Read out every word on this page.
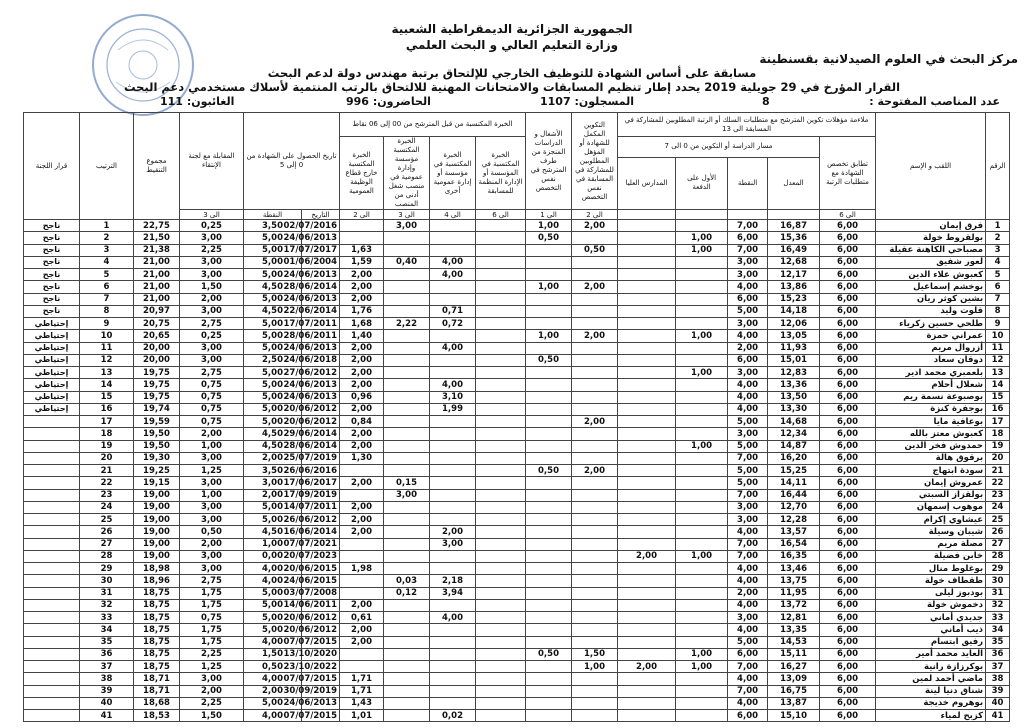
الجمهورية الجزائرية الديمقراطية الشعبية
وزارة التعليم العالي و البحث العلمي
مركز البحث في العلوم الصيدلانية بقسنطينة
مسابقة على أساس الشهادة للتوظيف الخارجي للإلتحاق برتبة مهندس دولة لدعم البحث
القرار المؤرخ في 29 جويلية 2019 يحدد إطار تنظيم المسابقات والامتحانات المهنية للالتحاق بالرتب المنتمية لأسلاك مستخدمي دعم البحث
عدد المناصب المفتوحة :
8
المسجلون: 1107
الحاضرون: 996
الغائبون: 111
الرقم	اللقب و الإسم	ملاءمة مؤهلات تكوين المترشح مع متطلبات السلك أو الرتبة المطلوبين للمشاركة في المسابقة الى 13					التكوين المكمل للشهادة أو المؤهل المطلوبين للمشاركة في المسابقة في نفس التخصص	الأشغال و الدراسات المنجزة من طرف المترشح في نفس التخصص	الخبرة المكتسبة من قبل المترشح من 00 إلى 06 نقاط				تاريخ الحصول على الشهادة من 0 إلى 5		المقابلة مع لجنة الإنتقاء	مجموع التنقيط	الترتيب	قرار اللجنة
		تطابق تخصص الشهادة مع متطلبات الرتبة	مسار الدراسة أو التكوين من 0 الى 7						الخبرة المكتسبة في المؤسسة أو الإدارة المنظمة للمسابقة	الخبرة المكتسبة في مؤسسة أو إدارة عمومية أخرى	الخبرة المكتسبة مؤسسة وإدارة عمومية في منصب شغل أدنى من المنصب	الخبرة المكتسبة خارج قطاع الوظيفة العمومية						
			المعدل	النقطة	الأول على الدفعة	المدارس العليا												
		الى 6					الى 2	الى 1	الى 6	الى 4	الى 3	الى 2	التاريخ	النقطة	الى 3			
1	فرق إيمان	6,00	16,87	7,00			2,00	1,00			3,00		02/07/2016	3,50	0,25	22,75	1	ناجح
2	بولقروط خولة	6,00	15,36	6,00	1,00			0,50					24/06/2013	5,00	3,00	21,50	2	ناجح
3	مصباحي الكاهنة عقيلة	6,00	16,49	7,00	1,00		0,50					1,63	17/07/2017	5,00	2,25	21,38	3	ناجح
4	لعور شفيق	6,00	12,68	3,00						4,00	0,40	1,59	01/06/2004	5,00	3,00	21,00	4	ناجح
5	كعبوش علاء الدين	6,00	12,17	3,00						4,00		2,00	24/06/2013	5,00	3,00	21,00	5	ناجح
6	بوخشم إسماعيل	6,00	13,86	4,00			2,00	1,00				2,00	28/06/2014	4,50	1,50	21,00	6	ناجح
7	بشين كوثر ريان	6,00	15,23	6,00								2,00	24/06/2013	5,00	2,00	21,00	7	ناجح
8	قلوت وليد	6,00	14,18	5,00						0,71		1,76	22/06/2014	4,50	3,00	20,97	8	ناجح
9	طلحي حسين زكرياء	6,00	12,06	3,00						0,72	2,22	1,68	17/07/2011	5,00	2,75	20,75	9	إحتياطي
10	عمراني حمزة	6,00	13,05	4,00	1,00		2,00	1,00				1,40	28/06/2011	5,00	0,25	20,65	10	إحتياطي
11	أزروال مريم	6,00	11,93	2,00						4,00		2,00	24/06/2013	5,00	3,00	20,00	11	إحتياطي
12	دوقان سعاد	6,00	15,01	6,00				0,50				2,00	24/06/2018	2,50	3,00	20,00	12	إحتياطي
13	بلعمبري محمد ادير	6,00	12,83	3,00	1,00							2,00	27/06/2012	5,00	2,75	19,75	13	إحتياطي
14	شعلال أحلام	6,00	13,36	4,00						4,00		2,00	24/06/2013	5,00	0,75	19,75	14	إحتياطي
15	بوصبوعة نسمة ريم	6,00	13,50	4,00						3,10		0,96	24/06/2013	5,00	0,75	19,75	15	إحتياطي
16	بوجفرة كنزة	6,00	13,30	4,00						1,99		2,00	20/06/2012	5,00	0,75	19,74	16	إحتياطي
17	بوعافية مايا	6,00	14,68	5,00			2,00					0,84	20/06/2012	5,00	0,75	19,59	17	
18	كعبوش معتز بالله	6,00	12,34	3,00								2,00	29/06/2014	4,50	2,00	19,50	18	
19	حمدوش فخر الدين	6,00	14,87	5,00	1,00							2,00	28/06/2014	4,50	1,00	19,50	19	
20	برقوق هالة	6,00	16,20	7,00								1,30	25/07/2019	2,00	3,00	19,30	20	
21	سودة ابتهاج	6,00	15,25	5,00			2,00	0,50					26/06/2016	3,50	1,25	19,25	21	
22	عمروش إيمان	6,00	14,11	5,00							0,15	2,00	17/06/2017	3,00	3,00	19,15	22	
23	بولقزاز السبتي	6,00	16,44	7,00							3,00		17/09/2019	2,00	1,00	19,00	23	
24	موهوب إسمهان	6,00	12,70	3,00								2,00	14/07/2011	5,00	3,00	19,00	24	
25	عيشاوي إكرام	6,00	12,28	3,00								2,00	26/06/2012	5,00	3,00	19,00	25	
26	شيبان وسيلة	6,00	13,57	4,00						2,00		2,00	16/06/2014	4,50	0,50	19,00	26	
27	مصلة مريم	6,00	16,54	7,00						3,00			07/07/2021	1,00	2,00	19,00	27	
28	خابن فضيلة	6,00	16,35	7,00	1,00	2,00							20/07/2023	0,00	3,00	19,00	28	
29	بوغلوط منال	6,00	13,46	4,00								1,98	20/06/2015	4,00	3,00	18,98	29	
30	طقطاف خولة	6,00	13,75	4,00						2,18	0,03		24/06/2015	4,00	2,75	18,96	30	
31	بودبوز ليلى	6,00	11,95	2,00						3,94	0,12		03/07/2008	5,00	1,75	18,75	31	
32	دخموش خولة	6,00	13,72	4,00								2,00	14/06/2011	5,00	1,75	18,75	32	
33	جديدي أماني	6,00	12,81	3,00						4,00		0,61	20/06/2012	5,00	0,75	18,75	33	
34	ذيب أماني	6,00	13,35	4,00								2,00	20/06/2012	5,00	1,75	18,75	34	
35	رفيق ابتسام	6,00	14,53	5,00								2,00	07/07/2015	4,00	1,75	18,75	35	
36	العايد محمد أمير	6,00	15,11	6,00	1,00		1,50	0,50					13/10/2020	1,50	2,25	18,75	36	
37	بوكرزازة رانية	6,00	16,27	7,00	1,00	2,00	1,00						23/10/2022	0,50	1,25	18,75	37	
38	ماضي أحمد لمين	6,00	13,09	4,00								1,71	07/07/2015	4,00	3,00	18,71	38	
39	شناق دنيا لينة	6,00	16,75	7,00								1,71	30/09/2019	2,00	2,00	18,71	39	
40	بوهروم خديجة	6,00	13,87	4,00								1,43	24/06/2013	5,00	2,25	18,68	40	
41	كزبح لمياء	6,00	15,10	6,00						0,02		1,01	07/07/2015	4,00	1,50	18,53	41	
